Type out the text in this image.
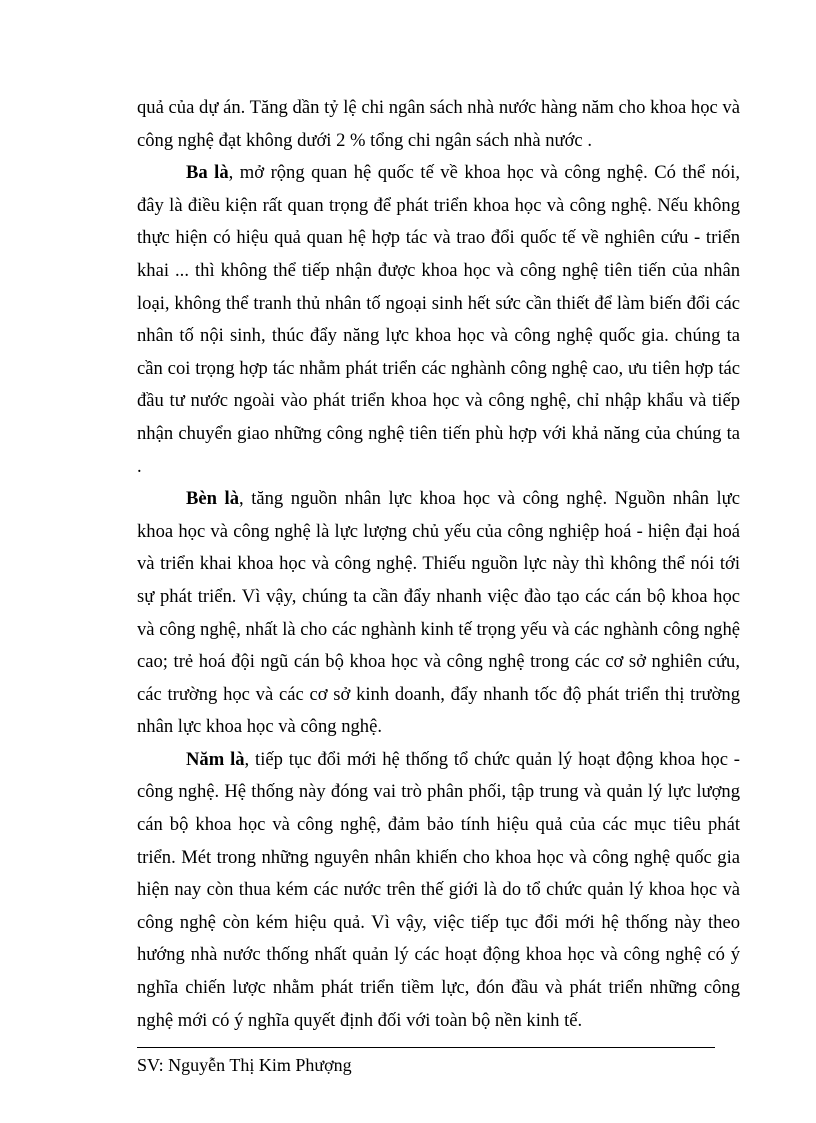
quả của dự án. Tăng dần tỷ lệ chi ngân sách nhà nước hàng năm cho khoa học và công nghệ đạt không dưới 2 % tổng chi ngân sách nhà nước .

Ba là, mở rộng quan hệ quốc tế về khoa học và công nghệ. Có thể nói, đây là điều kiện rất quan trọng để phát triển khoa học và công nghệ. Nếu không thực hiện có hiệu quả quan hệ hợp tác và trao đổi quốc tế về nghiên cứu - triển khai ... thì không thể tiếp nhận được khoa học và công nghệ tiên tiến của nhân loại, không thể tranh thủ nhân tố ngoại sinh hết sức cần thiết để làm biến đổi các nhân tố nội sinh, thúc đẩy năng lực khoa học và công nghệ quốc gia. chúng ta cần coi trọng hợp tác nhằm phát triển các nghành công nghệ cao, ưu tiên hợp tác đầu tư nước ngoài vào phát triển khoa học và công nghệ, chỉ nhập khẩu và tiếp nhận chuyển giao những công nghệ tiên tiến phù hợp với khả năng của chúng ta .

Bèn là, tăng nguồn nhân lực khoa học và công nghệ. Nguồn nhân lực khoa học và công nghệ là lực lượng chủ yếu của công nghiệp hoá - hiện đại hoá và triển khai khoa học và công nghệ. Thiếu nguồn lực này thì không thể nói tới sự phát triển. Vì vậy, chúng ta cần đẩy nhanh việc đào tạo các cán bộ khoa học và công nghệ, nhất là cho các nghành kinh tế trọng yếu và các nghành công nghệ cao; trẻ hoá đội ngũ cán bộ khoa học và công nghệ trong các cơ sở nghiên cứu, các trường học và các cơ sở kinh doanh, đẩy nhanh tốc độ phát triển thị trường nhân lực khoa học và công nghệ.

Năm là, tiếp tục đổi mới hệ thống tổ chức quản lý hoạt động khoa học - công nghệ. Hệ thống này đóng vai trò phân phối, tập trung và quản lý lực lượng cán bộ khoa học và công nghệ, đảm bảo tính hiệu quả của các mục tiêu phát triển. Mét trong những nguyên nhân khiến cho khoa học và công nghệ quốc gia hiện nay còn thua kém các nước trên thế giới là do tổ chức quản lý khoa học và công nghệ còn kém hiệu quả. Vì vậy, việc tiếp tục đổi mới hệ thống này theo hướng nhà nước thống nhất quản lý các hoạt động khoa học và công nghệ có ý nghĩa chiến lược nhằm phát triển tiềm lực, đón đầu và phát triển những công nghệ mới có ý nghĩa quyết định đối với toàn bộ nền kinh tế.

SV: Nguyễn Thị Kim Phượng
